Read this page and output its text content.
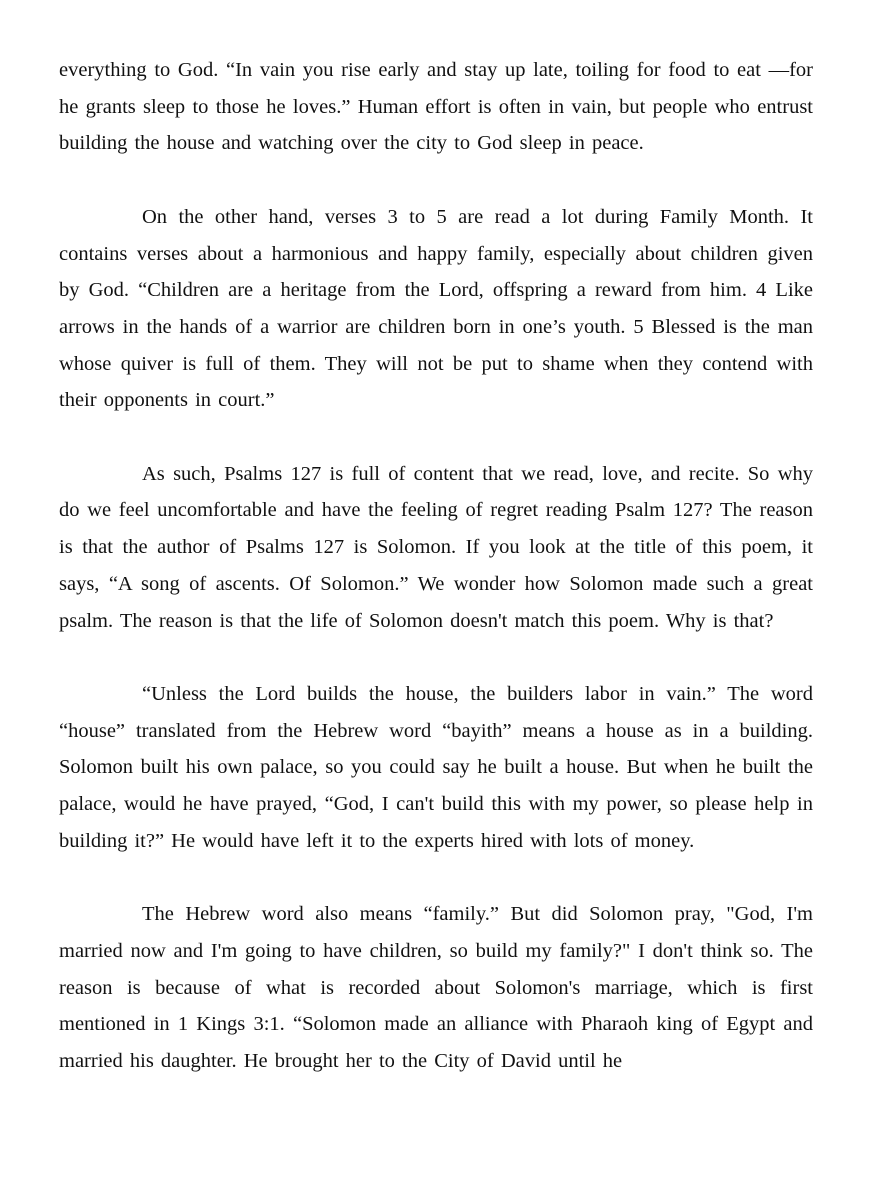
everything to God. “In vain you rise early and stay up late, toiling for food to eat —for he grants sleep to those he loves.” Human effort is often in vain, but people who entrust building the house and watching over the city to God sleep in peace.

On the other hand, verses 3 to 5 are read a lot during Family Month. It contains verses about a harmonious and happy family, especially about children given by God. “Children are a heritage from the Lord, offspring a reward from him. 4 Like arrows in the hands of a warrior are children born in one’s youth. 5 Blessed is the man whose quiver is full of them. They will not be put to shame when they contend with their opponents in court.”

As such, Psalms 127 is full of content that we read, love, and recite. So why do we feel uncomfortable and have the feeling of regret reading Psalm 127? The reason is that the author of Psalms 127 is Solomon. If you look at the title of this poem, it says, “A song of ascents. Of Solomon.” We wonder how Solomon made such a great psalm. The reason is that the life of Solomon doesn't match this poem. Why is that?

“Unless the Lord builds the house, the builders labor in vain.” The word “house” translated from the Hebrew word “bayith” means a house as in a building. Solomon built his own palace, so you could say he built a house. But when he built the palace, would he have prayed, “God, I can't build this with my power, so please help in building it?” He would have left it to the experts hired with lots of money.

The Hebrew word also means “family.” But did Solomon pray, "God, I'm married now and I'm going to have children, so build my family?" I don't think so. The reason is because of what is recorded about Solomon's marriage, which is first mentioned in 1 Kings 3:1. “Solomon made an alliance with Pharaoh king of Egypt and married his daughter. He brought her to the City of David until he
